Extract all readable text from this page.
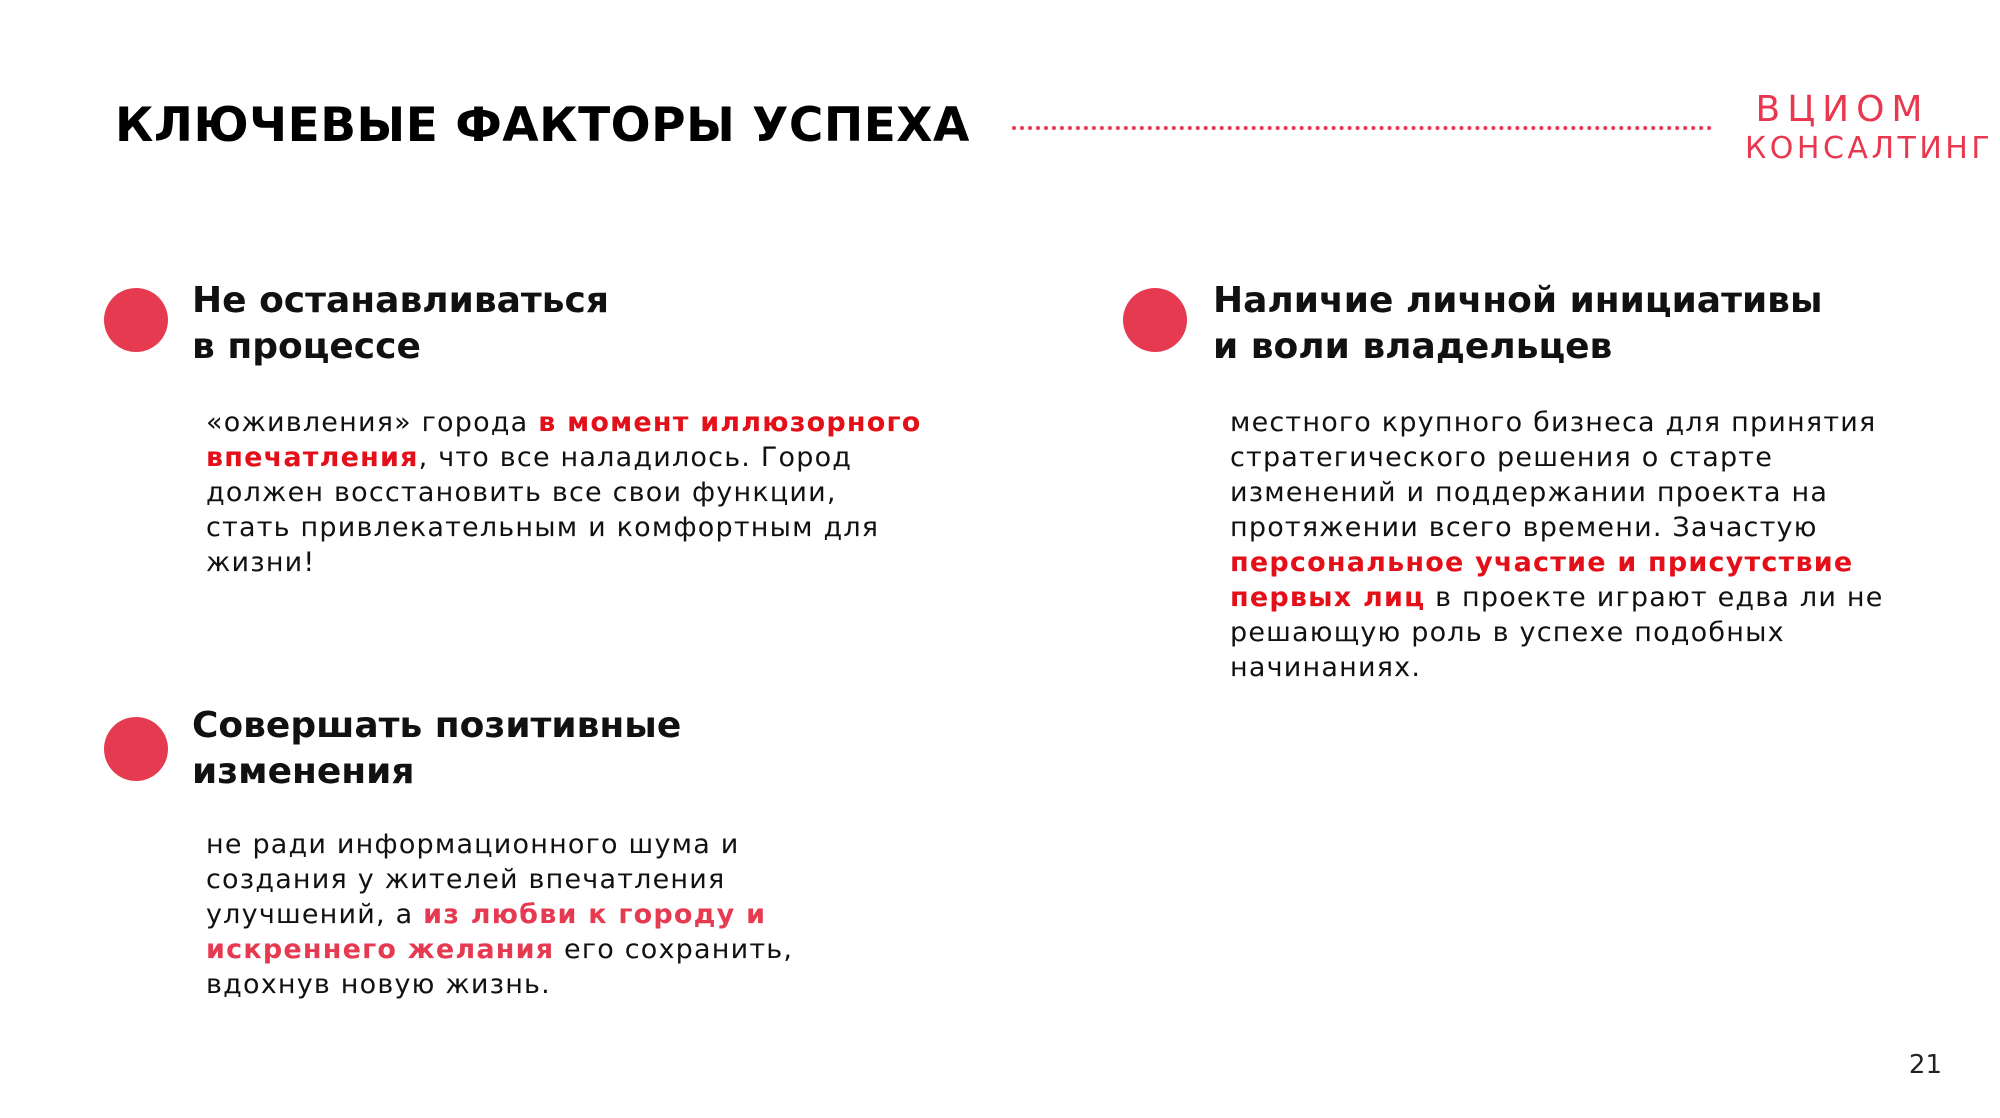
КЛЮЧЕВЫЕ ФАКТОРЫ УСПЕХА	ВЦИОМ
КОНСАЛТИНГ
Не останавливаться
в процессе

«оживления» города в момент иллюзорного впечатления, что все наладилось. Город должен восстановить все свои функции, стать привлекательным и комфортным для жизни!

Совершать позитивные
изменения

не ради информационного шума и создания у жителей впечатления улучшений, а из любви к городу и искреннего желания его сохранить, вдохнув новую жизнь.

Наличие личной инициативы
и воли владельцев

местного крупного бизнеса для принятия стратегического решения о старте изменений и поддержании проекта на протяжении всего времени. Зачастую персональное участие и присутствие первых лиц в проекте играют едва ли не решающую роль в успехе подобных начинаниях.

21
